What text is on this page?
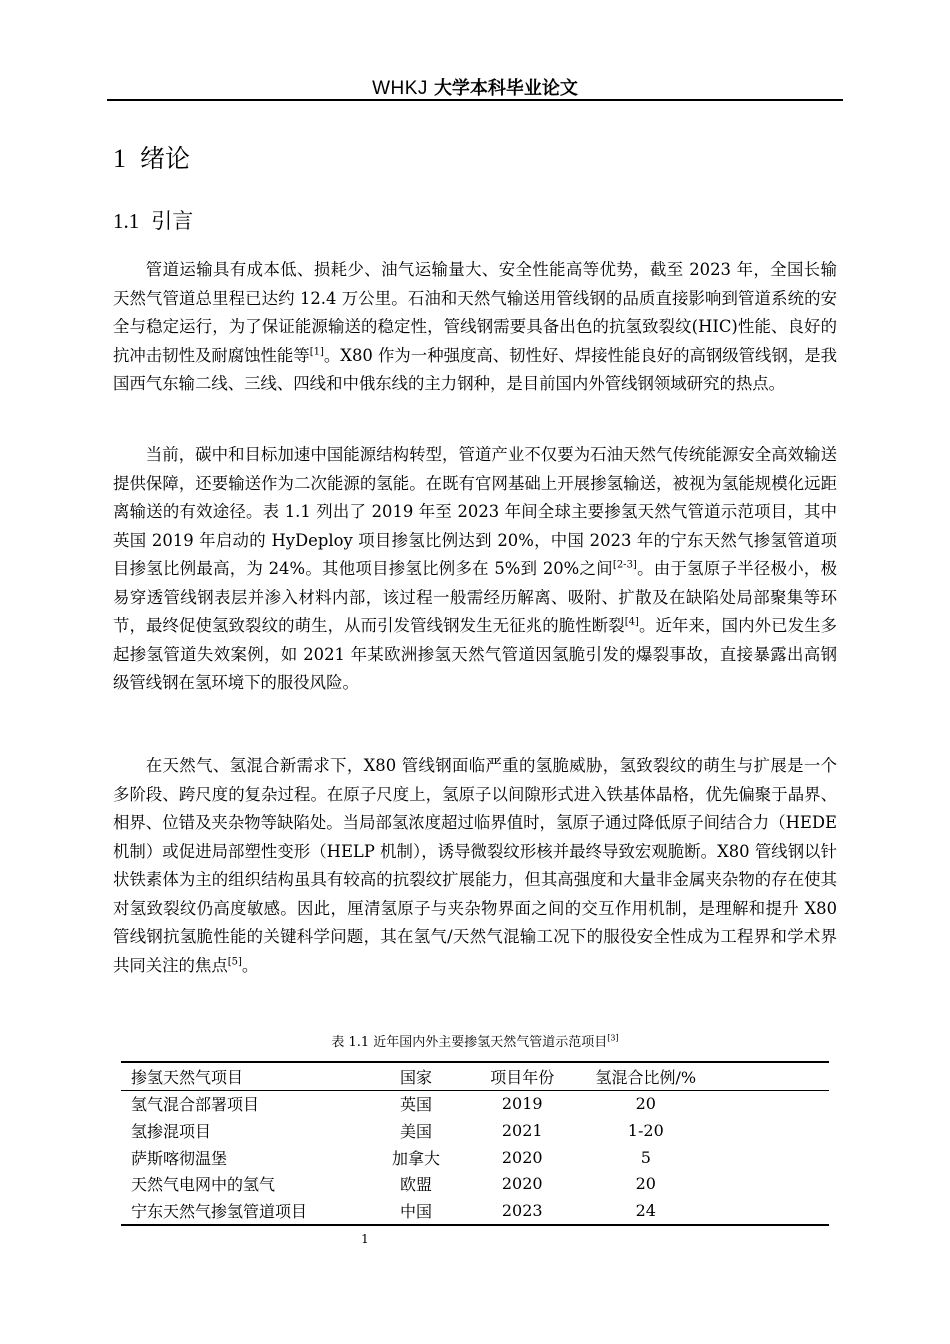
WHKJ 大学本科毕业论文
1 绪论
1.1 引言

管道运输具有成本低、损耗少、油气运输量大、安全性能高等优势，截至 2023 年，全国长输天然气管道总里程已达约 12.4 万公里。石油和天然气输送用管线钢的品质直接影响到管道系统的安全与稳定运行，为了保证能源输送的稳定性，管线钢需要具备出色的抗氢致裂纹(HIC)性能、良好的抗冲击韧性及耐腐蚀性能等[1]。X80 作为一种强度高、韧性好、焊接性能良好的高钢级管线钢，是我国西气东输二线、三线、四线和中俄东线的主力钢种，是目前国内外管线钢领域研究的热点。

当前，碳中和目标加速中国能源结构转型，管道产业不仅要为石油天然气传统能源安全高效输送提供保障，还要输送作为二次能源的氢能。在既有官网基础上开展掺氢输送，被视为氢能规模化远距离输送的有效途径。表 1.1 列出了 2019 年至 2023 年间全球主要掺氢天然气管道示范项目，其中英国 2019 年启动的 HyDeploy 项目掺氢比例达到 20%，中国 2023 年的宁东天然气掺氢管道项目掺氢比例最高，为 24%。其他项目掺氢比例多在 5%到 20%之间[2-3]。由于氢原子半径极小，极易穿透管线钢表层并渗入材料内部，该过程一般需经历解离、吸附、扩散及在缺陷处局部聚集等环节，最终促使氢致裂纹的萌生，从而引发管线钢发生无征兆的脆性断裂[4]。近年来，国内外已发生多起掺氢管道失效案例，如 2021 年某欧洲掺氢天然气管道因氢脆引发的爆裂事故，直接暴露出高钢级管线钢在氢环境下的服役风险。

在天然气、氢混合新需求下，X80 管线钢面临严重的氢脆威胁，氢致裂纹的萌生与扩展是一个多阶段、跨尺度的复杂过程。在原子尺度上，氢原子以间隙形式进入铁基体晶格，优先偏聚于晶界、相界、位错及夹杂物等缺陷处。当局部氢浓度超过临界值时，氢原子通过降低原子间结合力（HEDE 机制）或促进局部塑性变形（HELP 机制），诱导微裂纹形核并最终导致宏观脆断。X80 管线钢以针状铁素体为主的组织结构虽具有较高的抗裂纹扩展能力，但其高强度和大量非金属夹杂物的存在使其对氢致裂纹仍高度敏感。因此，厘清氢原子与夹杂物界面之间的交互作用机制，是理解和提升 X80 管线钢抗氢脆性能的关键科学问题，其在氢气/天然气混输工况下的服役安全性成为工程界和学术界共同关注的焦点[5]。

表 1.1 近年国内外主要掺氢天然气管道示范项目[3]
掺氢天然气项目	国家	项目年份	氢混合比例/%	
氢气混合部署项目	英国	2019	20	
氢掺混项目	美国	2021	1-20	
萨斯喀彻温堡	加拿大	2020	5	
天然气电网中的氢气	欧盟	2020	20	
宁东天然气掺氢管道项目	中国	2023	24	
1
